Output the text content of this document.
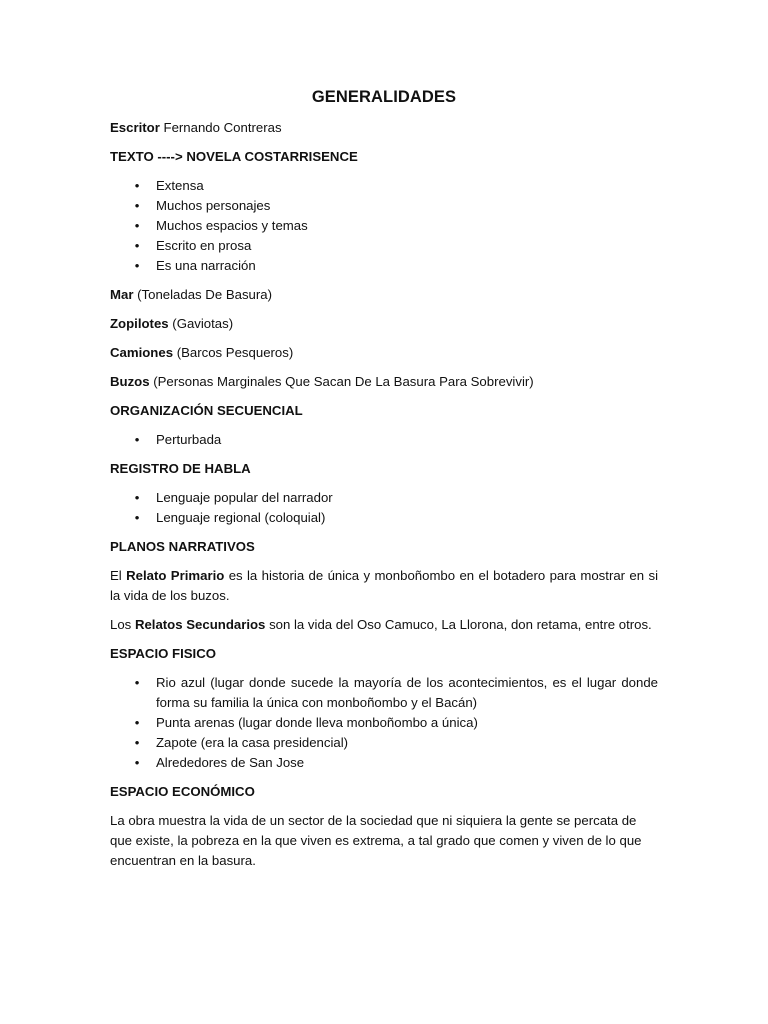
GENERALIDADES

Escritor Fernando Contreras

TEXTO ----> NOVELA COSTARRISENCE
•	Extensa
•	Muchos personajes
•	Muchos espacios y temas
•	Escrito en prosa
•	Es una narración

Mar (Toneladas De Basura)

Zopilotes (Gaviotas)

Camiones (Barcos Pesqueros)

Buzos (Personas Marginales Que Sacan De La Basura Para Sobrevivir)

ORGANIZACIÓN SECUENCIAL
•	Perturbada
REGISTRO DE HABLA
•	Lenguaje popular del narrador
•	Lenguaje regional (coloquial)
PLANOS NARRATIVOS

El Relato Primario es la historia de única y monboñombo en el botadero para mostrar en si la vida de los buzos.

Los Relatos Secundarios son la vida del Oso Camuco, La Llorona, don retama, entre otros.

ESPACIO FISICO
•	Rio azul (lugar donde sucede la mayoría de los acontecimientos, es el lugar donde forma su familia la única con monboñombo y el Bacán)
•	Punta arenas (lugar donde lleva monboñombo a única)
•	Zapote (era la casa presidencial)
•	Alrededores de San Jose
ESPACIO ECONÓMICO

La obra muestra la vida de un sector de la sociedad que ni siquiera la gente se percata de que existe, la pobreza en la que viven es extrema, a tal grado que comen y viven de lo que encuentran en la basura.
